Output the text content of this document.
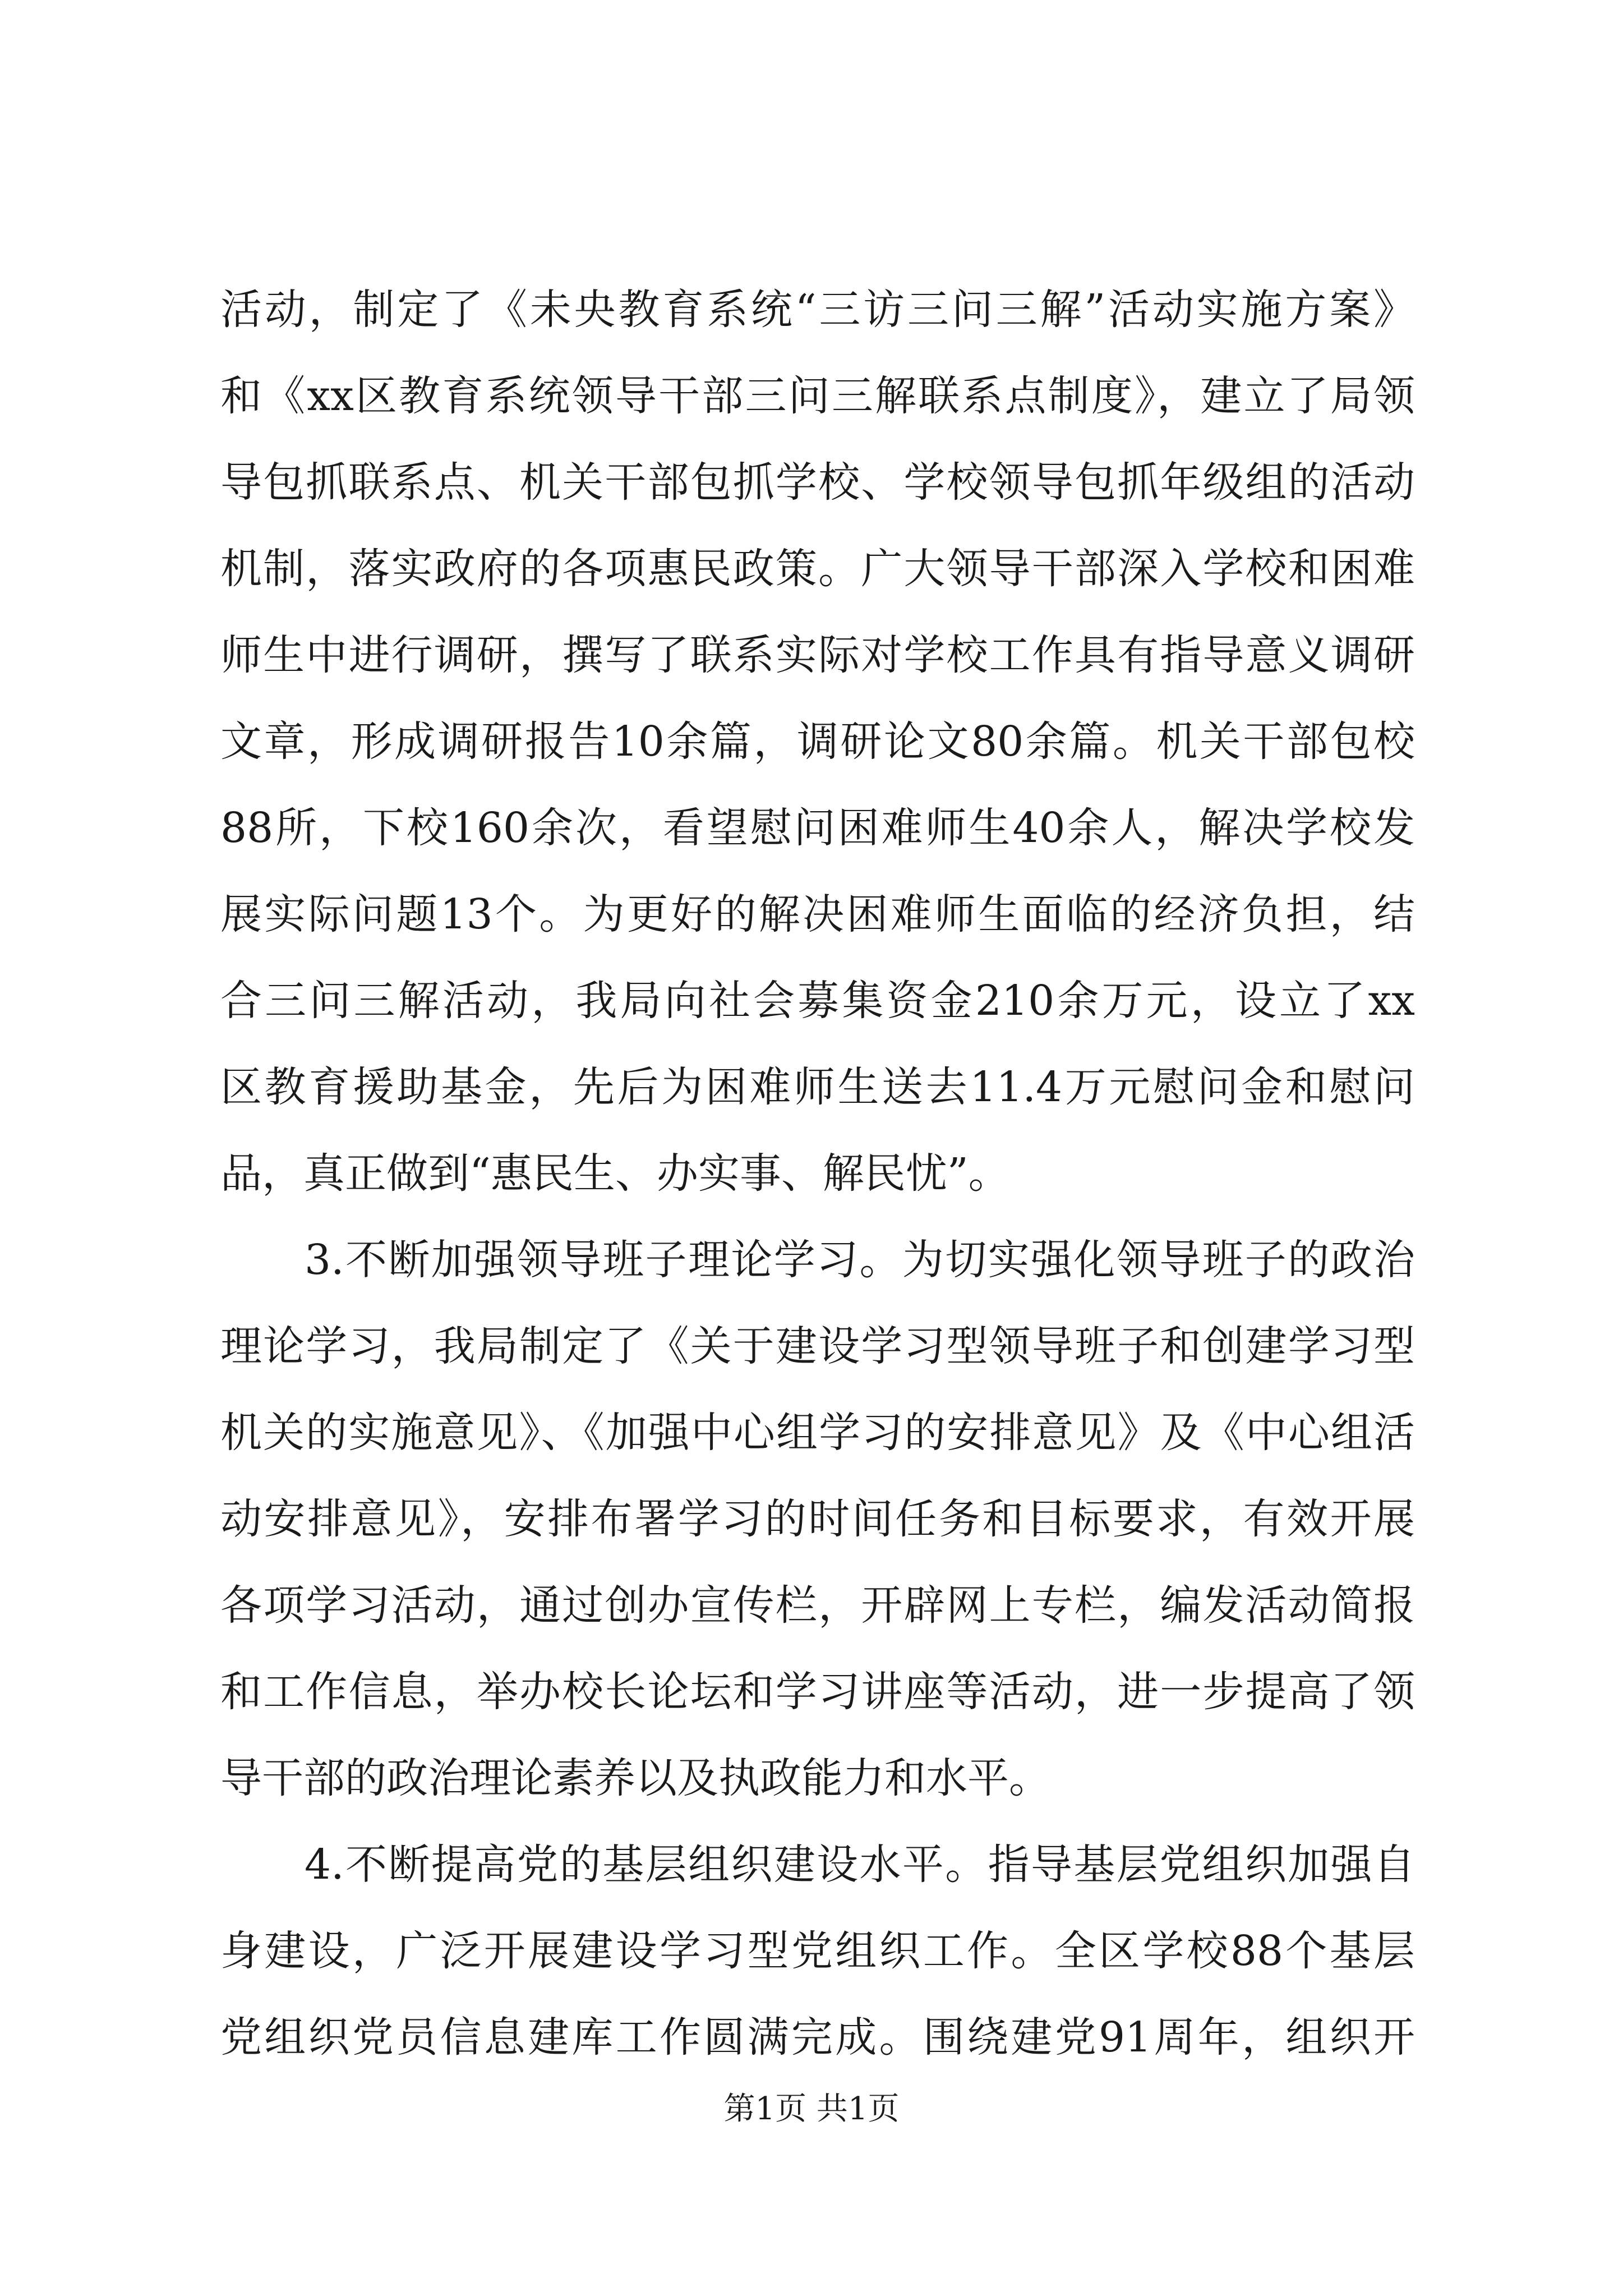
活动，制定了《未央教育系统“三访三问三解”活动实施方案》
和《xx区教育系统领导干部三问三解联系点制度》，建立了局领
导包抓联系点、机关干部包抓学校、学校领导包抓年级组的活动
机制，落实政府的各项惠民政策。广大领导干部深入学校和困难
师生中进行调研，撰写了联系实际对学校工作具有指导意义调研
文章，形成调研报告10余篇，调研论文80余篇。机关干部包校
88所，下校160余次，看望慰问困难师生40余人，解决学校发
展实际问题13个。为更好的解决困难师生面临的经济负担，结
合三问三解活动，我局向社会募集资金210余万元，设立了xx
区教育援助基金，先后为困难师生送去11.4万元慰问金和慰问
品，真正做到“惠民生、办实事、解民忧”。
3.不断加强领导班子理论学习。为切实强化领导班子的政治
理论学习，我局制定了《关于建设学习型领导班子和创建学习型
机关的实施意见》、《加强中心组学习的安排意见》及《中心组活
动安排意见》，安排布署学习的时间任务和目标要求，有效开展
各项学习活动，通过创办宣传栏，开辟网上专栏，编发活动简报
和工作信息，举办校长论坛和学习讲座等活动，进一步提高了领
导干部的政治理论素养以及执政能力和水平。
4.不断提高党的基层组织建设水平。指导基层党组织加强自
身建设，广泛开展建设学习型党组织工作。全区学校88个基层
党组织党员信息建库工作圆满完成。围绕建党91周年，组织开
第1页 共1页
